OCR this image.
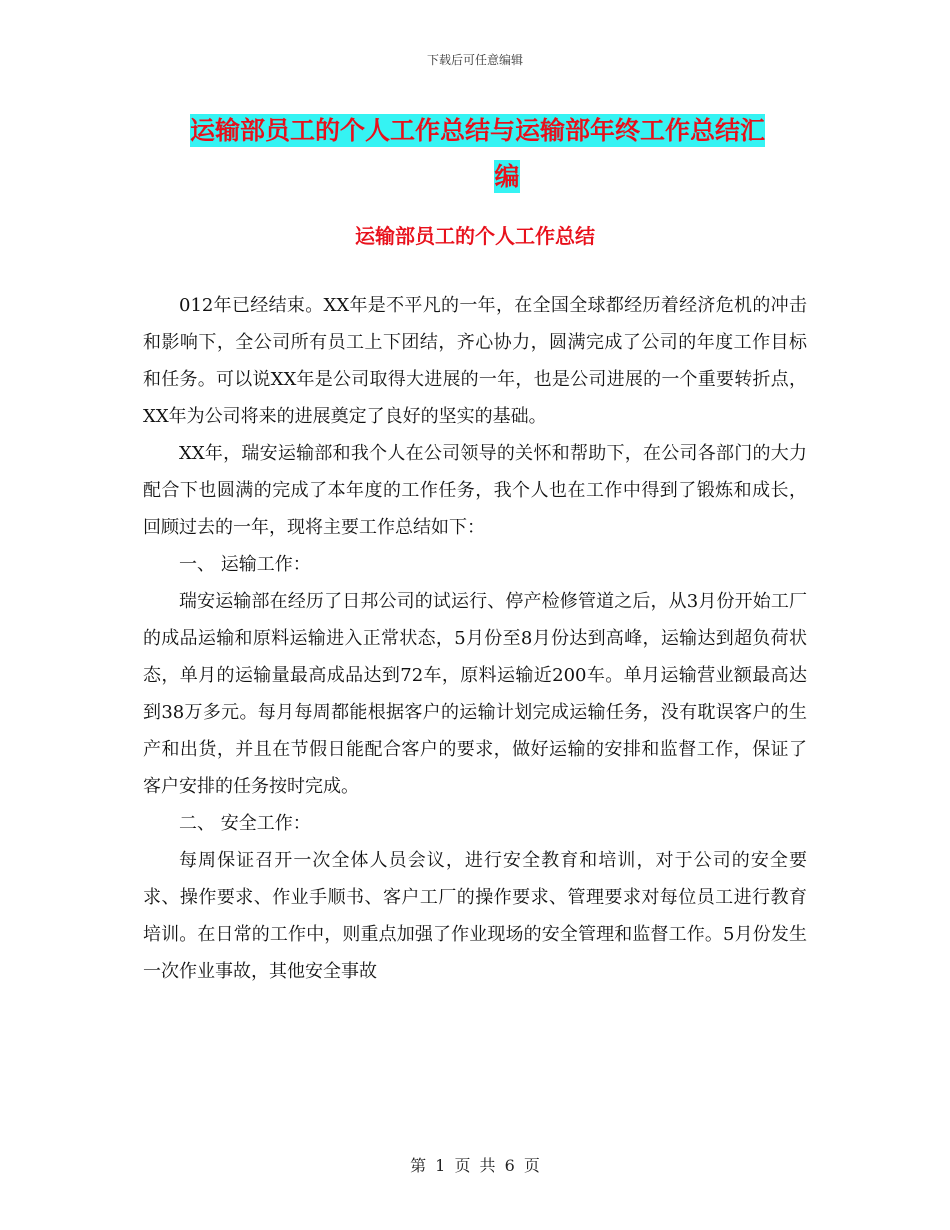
下载后可任意编辑
运输部员工的个人工作总结与运输部年终工作总结汇
编
运输部员工的个人工作总结

012年已经结束。XX年是不平凡的一年，在全国全球都经历着经济危机的冲击和影响下，全公司所有员工上下团结，齐心协力，圆满完成了公司的年度工作目标和任务。可以说XX年是公司取得大进展的一年，也是公司进展的一个重要转折点，XX年为公司将来的进展奠定了良好的坚实的基础。

XX年，瑞安运输部和我个人在公司领导的关怀和帮助下，在公司各部门的大力配合下也圆满的完成了本年度的工作任务，我个人也在工作中得到了锻炼和成长，回顾过去的一年，现将主要工作总结如下：

一、 运输工作：

瑞安运输部在经历了日邦公司的试运行、停产检修管道之后，从3月份开始工厂的成品运输和原料运输进入正常状态，5月份至8月份达到高峰，运输达到超负荷状态，单月的运输量最高成品达到72车，原料运输近200车。单月运输营业额最高达到38万多元。每月每周都能根据客户的运输计划完成运输任务，没有耽误客户的生产和出货，并且在节假日能配合客户的要求，做好运输的安排和监督工作，保证了客户安排的任务按时完成。

二、 安全工作：

每周保证召开一次全体人员会议，进行安全教育和培训，对于公司的安全要求、操作要求、作业手顺书、客户工厂的操作要求、管理要求对每位员工进行教育培训。在日常的工作中，则重点加强了作业现场的安全管理和监督工作。5月份发生一次作业事故，其他安全事故

第 1 页 共 6 页
